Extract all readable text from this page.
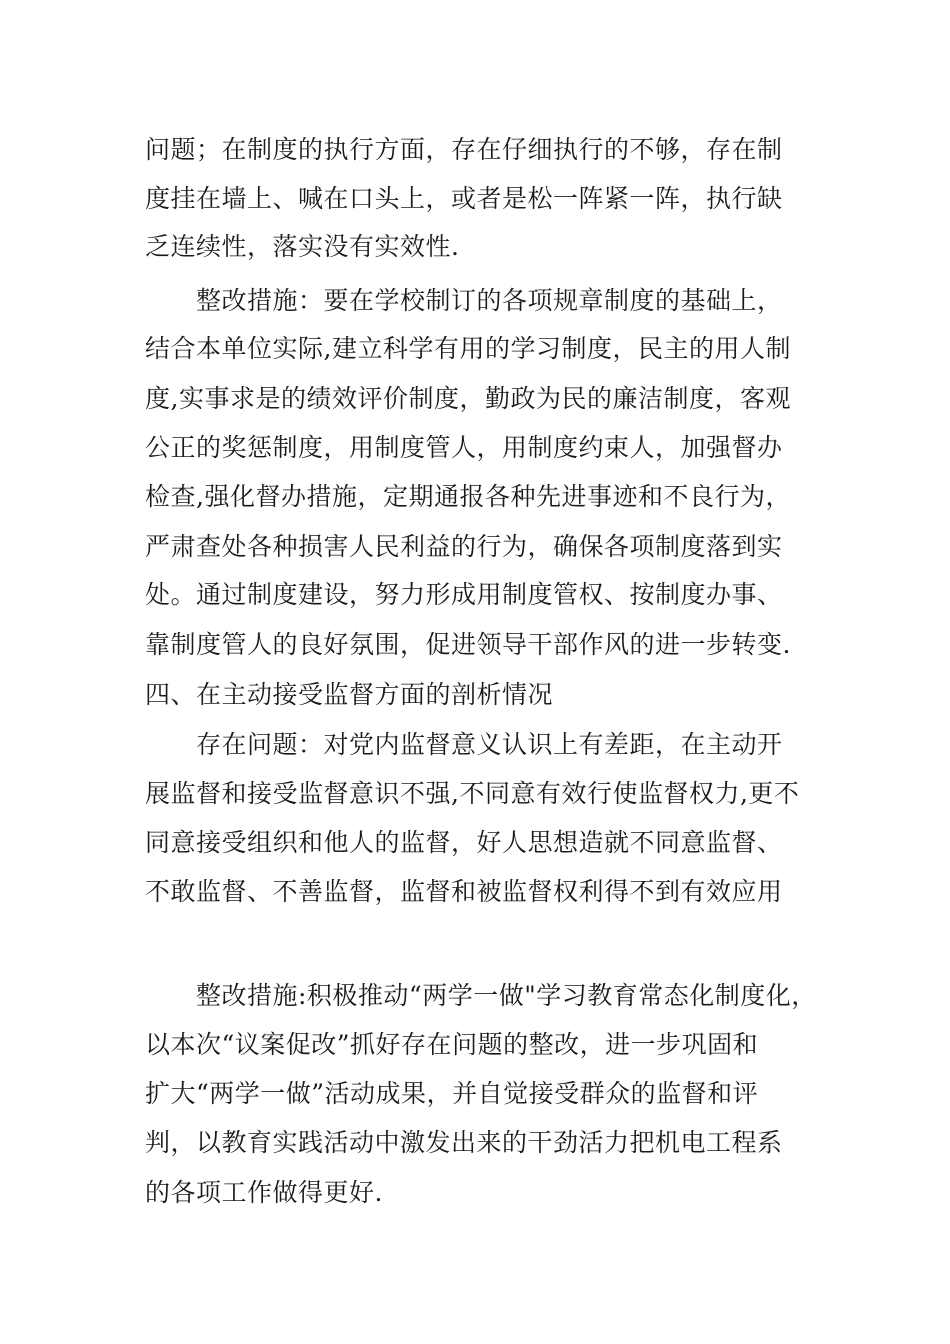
问题；在制度的执行方面，存在仔细执行的不够，存在制
度挂在墙上、喊在口头上，或者是松一阵紧一阵，执行缺
乏连续性，落实没有实效性.
整改措施：要在学校制订的各项规章制度的基础上，
结合本单位实际,建立科学有用的学习制度，民主的用人制
度,实事求是的绩效评价制度，勤政为民的廉洁制度，客观
公正的奖惩制度，用制度管人，用制度约束人，加强督办
检查,强化督办措施，定期通报各种先进事迹和不良行为，
严肃查处各种损害人民利益的行为，确保各项制度落到实
处。通过制度建设，努力形成用制度管权、按制度办事、
靠制度管人的良好氛围，促进领导干部作风的进一步转变.
四、在主动接受监督方面的剖析情况
存在问题：对党内监督意义认识上有差距，在主动开
展监督和接受监督意识不强,不同意有效行使监督权力,更不
同意接受组织和他人的监督，好人思想造就不同意监督、
不敢监督、不善监督，监督和被监督权利得不到有效应用
整改措施:积极推动“两学一做"学习教育常态化制度化，
以本次“议案促改”抓好存在问题的整改，进一步巩固和
扩大“两学一做”活动成果，并自觉接受群众的监督和评
判，以教育实践活动中激发出来的干劲活力把机电工程系
的各项工作做得更好.
